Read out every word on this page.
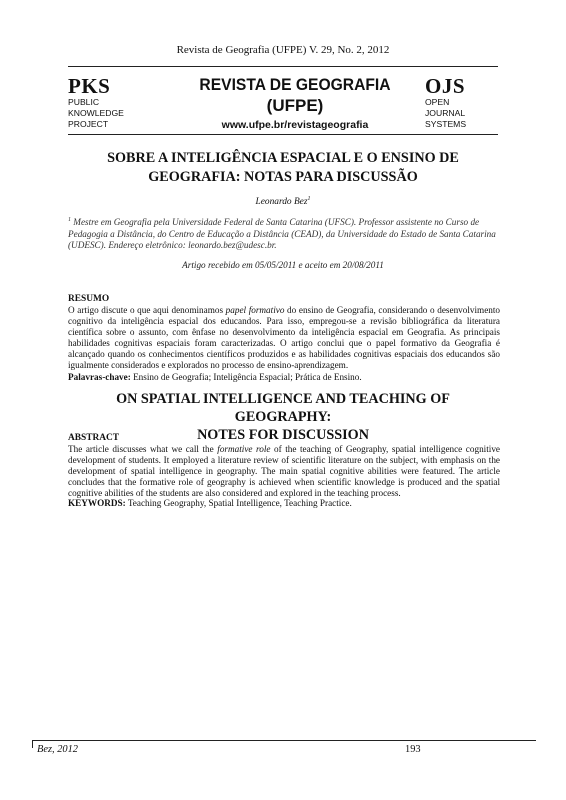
Revista de Geografia (UFPE) V. 29, No. 2, 2012
PKS
PUBLIC
KNOWLEDGE
PROJECT
REVISTA DE GEOGRAFIA
(UFPE)
www.ufpe.br/revistageografia
OJS
OPEN
JOURNAL
SYSTEMS
SOBRE A INTELIGÊNCIA ESPACIAL E O ENSINO DE
GEOGRAFIA: NOTAS PARA DISCUSSÃO
Leonardo Bez$^1$
$^1$ Mestre em Geografia pela Universidade Federal de Santa Catarina (UFSC). Professor assistente no Curso de Pedagogia a Distância, do Centro de Educação a Distância (CEAD), da Universidade do Estado de Santa Catarina (UDESC). Endereço eletrônico: leonardo.bez@udesc.br.
Artigo recebido em 05/05/2011 e aceito em 20/08/2011
RESUMO
O artigo discute o que aqui denominamos papel formativo do ensino de Geografia, considerando o desenvolvimento cognitivo da inteligência espacial dos educandos. Para isso, empregou-se a revisão bibliográfica da literatura científica sobre o assunto, com ênfase no desenvolvimento da inteligência espacial em Geografia. As principais habilidades cognitivas espaciais foram caracterizadas. O artigo conclui que o papel formativo da Geografia é alcançado quando os conhecimentos científicos produzidos e as habilidades cognitivas espaciais dos educandos são igualmente considerados e explorados no processo de ensino-aprendizagem.
Palavras-chave: Ensino de Geografia; Inteligência Espacial; Prática de Ensino.
ON SPATIAL INTELLIGENCE AND TEACHING OF GEOGRAPHY:
NOTES FOR DISCUSSION
ABSTRACT
The article discusses what we call the formative role of the teaching of Geography, spatial intelligence cognitive development of students. It employed a literature review of scientific literature on the subject, with emphasis on the development of spatial intelligence in geography. The main spatial cognitive abilities were featured. The article concludes that the formative role of geography is achieved when scientific knowledge is produced and the spatial cognitive abilities of the students are also considered and explored in the teaching process.
KEYWORDS: Teaching Geography, Spatial Intelligence, Teaching Practice.
Bez, 2012	193
